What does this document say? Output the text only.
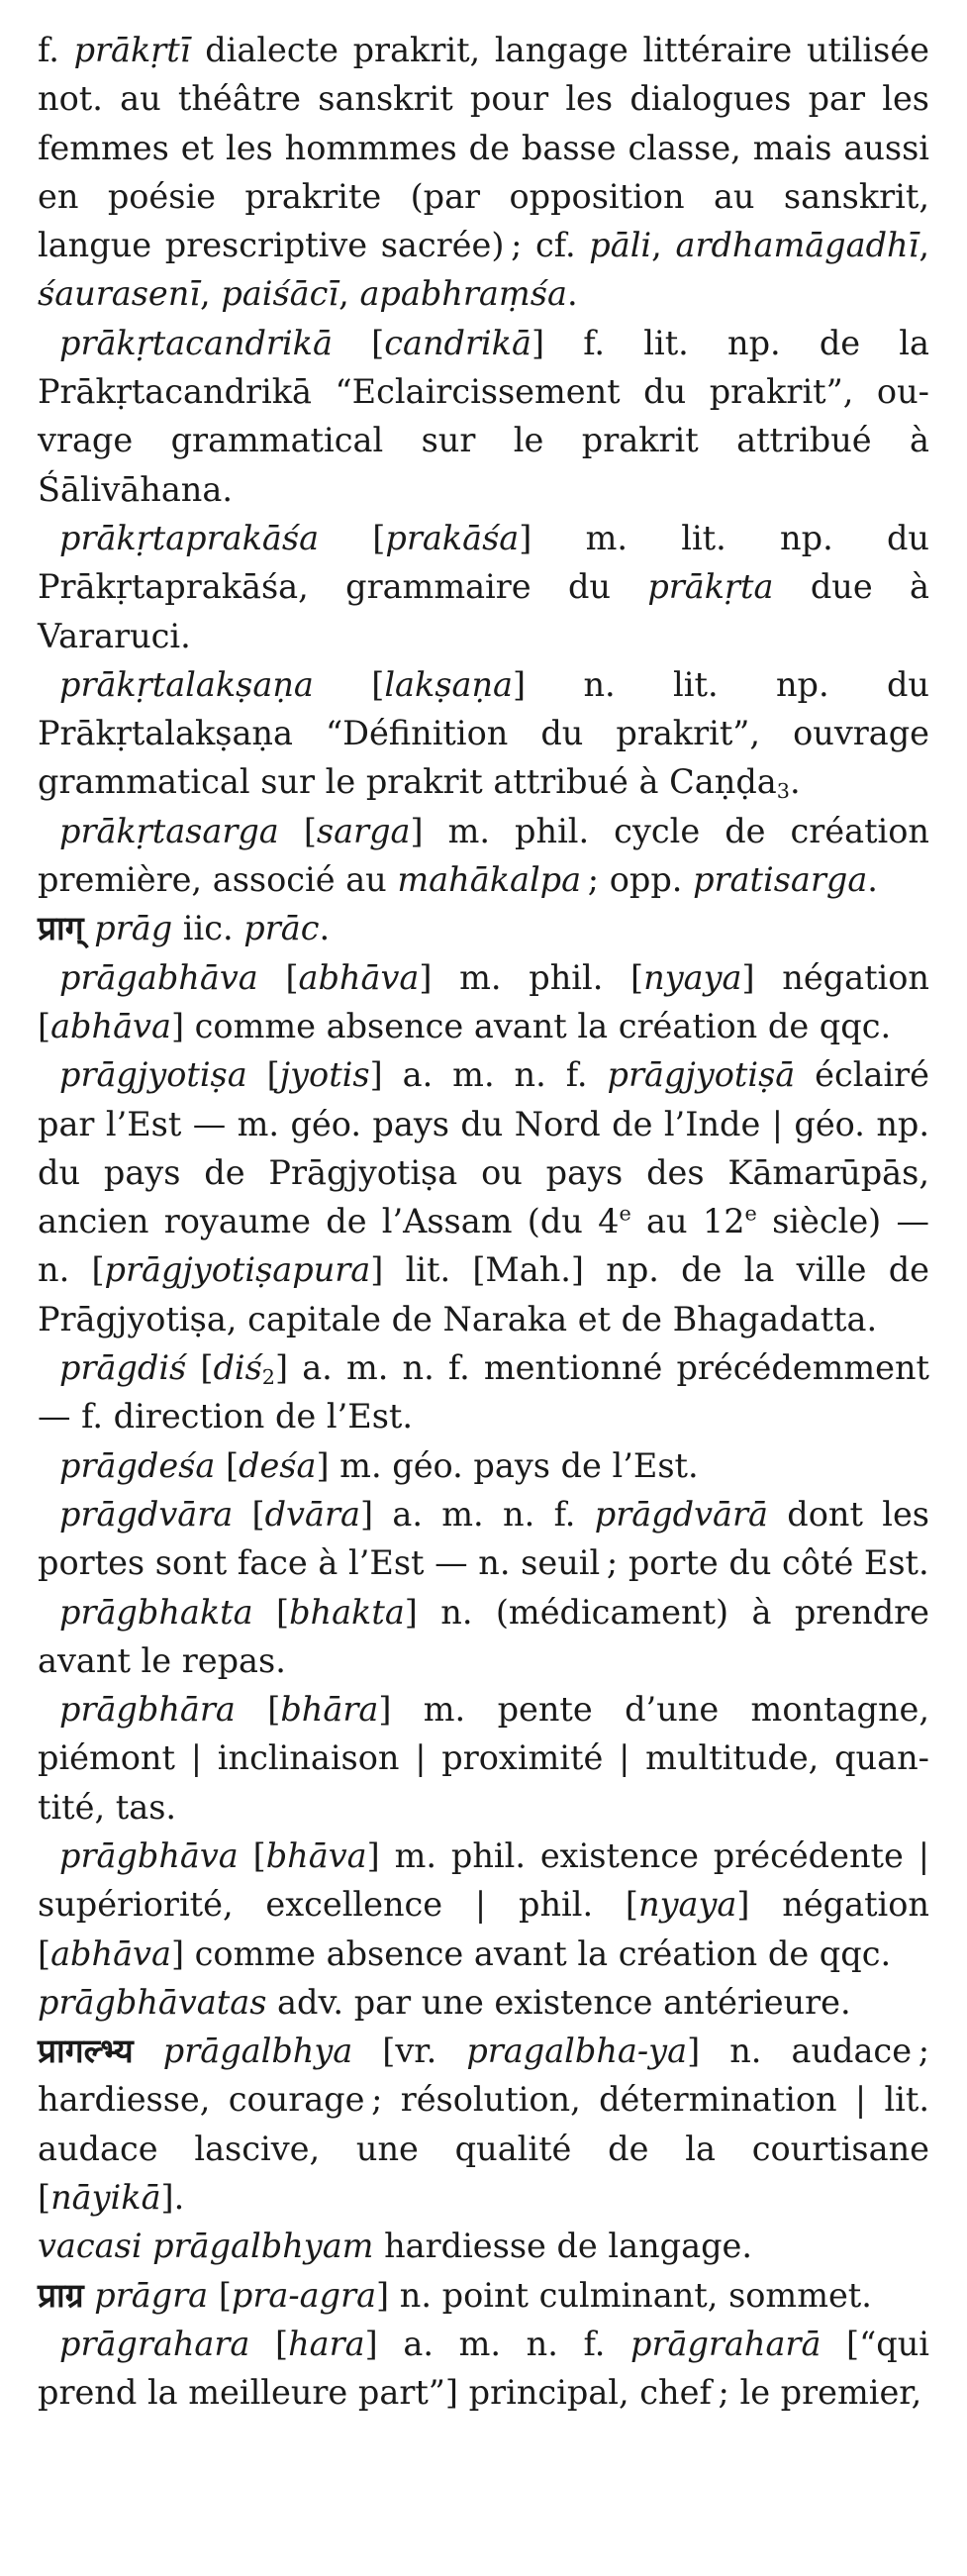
f. prākṛtī dialecte prakrit, langage littéraire utilisée not. au théâtre sanskrit pour les dialogues par les femmes et les hommmes de basse classe, mais aussi en poésie prakrite (par opposition au sanskrit, langue prescriptive sacrée) ; cf. pāli, ardhamāgadhī, śaurasenī, paiśācī, apabhraṃśa.

prākṛtacandrikā [candrikā] f. lit. np. de la Prākṛtacandrikā “Eclaircissement du prakrit”, ouvrage grammatical sur le prakrit attribué à Śālivāhana.

prākṛtaprakāśa [prakāśa] m. lit. np. du Prākṛtaprakāśa, grammaire du prākṛta due à Vararuci.

prākṛtalakṣaṇa [lakṣaṇa] n. lit. np. du Prākṛtalakṣaṇa “Définition du prakrit”, ouvrage grammatical sur le prakrit attribué à Caṇḍa$_3$.

prākṛtasarga [sarga] m. phil. cycle de création première, associé au mahākalpa ; opp. pratisarga.

प्राग् prāg iic. prāc.

prāgabhāva [abhāva] m. phil. [nyaya] négation [abhāva] comme absence avant la création de qqc.

prāgjyotiṣa [jyotis] a. m. n. f. prāgjyotiṣā éclairé par l’Est — m. géo. pays du Nord de l’Inde | géo. np. du pays de Prāgjyotiṣa ou pays des Kāmarūpās, ancien royaume de l’Assam (du 4e au 12e siècle) — n. [prāgjyotiṣapura] lit. [Mah.] np. de la ville de Prāgjyotiṣa, capitale de Naraka et de Bhagadatta.

prāgdiś [diś$_2$] a. m. n. f. mentionné précédemment — f. direction de l’Est.

prāgdeśa [deśa] m. géo. pays de l’Est.

prāgdvāra [dvāra] a. m. n. f. prāgdvārā dont les portes sont face à l’Est — n. seuil ; porte du côté Est.

prāgbhakta [bhakta] n. (médicament) à prendre avant le repas.

prāgbhāra [bhāra] m. pente d’une montagne, piémont | inclinaison | proximité | multitude, quantité, tas.

prāgbhāva [bhāva] m. phil. existence précédente | supériorité, excellence | phil. [nyaya] négation [abhāva] comme absence avant la création de qqc.

prāgbhāvatas adv. par une existence antérieure.

प्रागल्भ्य prāgalbhya [vr. pragalbha-ya] n. audace ; hardiesse, courage ; résolution, détermination | lit. audace lascive, une qualité de la courtisane [nāyikā].

vacasi prāgalbhyam hardiesse de langage.

प्राग्र prāgra [pra-agra] n. point culminant, sommet.

prāgrahara [hara] a. m. n. f. prāgraharā [“qui prend la meilleure part”] principal, chef ; le premier,
